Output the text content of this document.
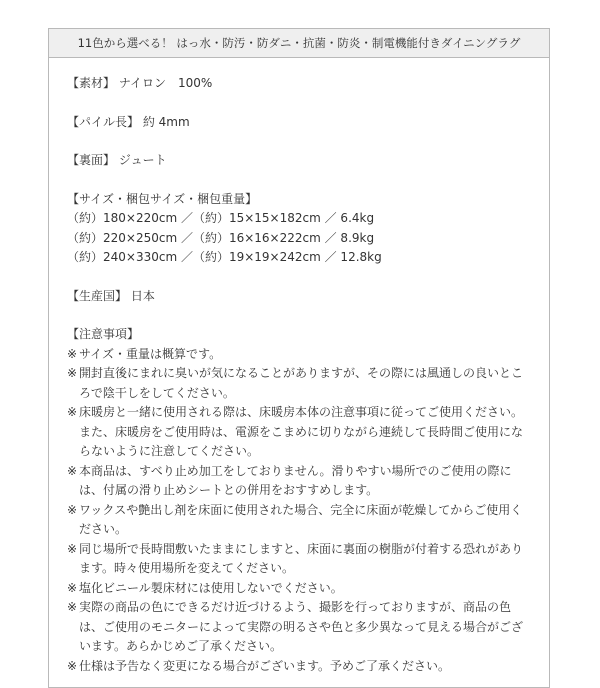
11色から選べる！ はっ水・防汚・防ダニ・抗菌・防炎・制電機能付きダイニングラグ
【素材】 ナイロン　100%
【パイル長】 約 4mm
【裏面】 ジュート
【サイズ・梱包サイズ・梱包重量】
（約）180×220cm ／（約）15×15×182cm ／ 6.4kg
（約）220×250cm ／（約）16×16×222cm ／ 8.9kg
（約）240×330cm ／（約）19×19×242cm ／ 12.8kg
【生産国】 日本
【注意事項】
※ サイズ・重量は概算です。
※ 開封直後にまれに臭いが気になることがありますが、その際には風通しの良いところで陰干しをしてください。
※ 床暖房と一緒に使用される際は、床暖房本体の注意事項に従ってご使用ください。また、床暖房をご使用時は、電源をこまめに切りながら連続して長時間ご使用にならないように注意してください。
※ 本商品は、すべり止め加工をしておりません。滑りやすい場所でのご使用の際には、付属の滑り止めシートとの併用をおすすめします。
※ ワックスや艶出し剤を床面に使用された場合、完全に床面が乾燥してからご使用ください。
※ 同じ場所で長時間敷いたままにしますと、床面に裏面の樹脂が付着する恐れがあります。時々使用場所を変えてください。
※ 塩化ビニール製床材には使用しないでください。
※ 実際の商品の色にできるだけ近づけるよう、撮影を行っておりますが、商品の色は、ご使用のモニターによって実際の明るさや色と多少異なって見える場合がございます。あらかじめご了承ください。
※ 仕様は予告なく変更になる場合がございます。予めご了承ください。
